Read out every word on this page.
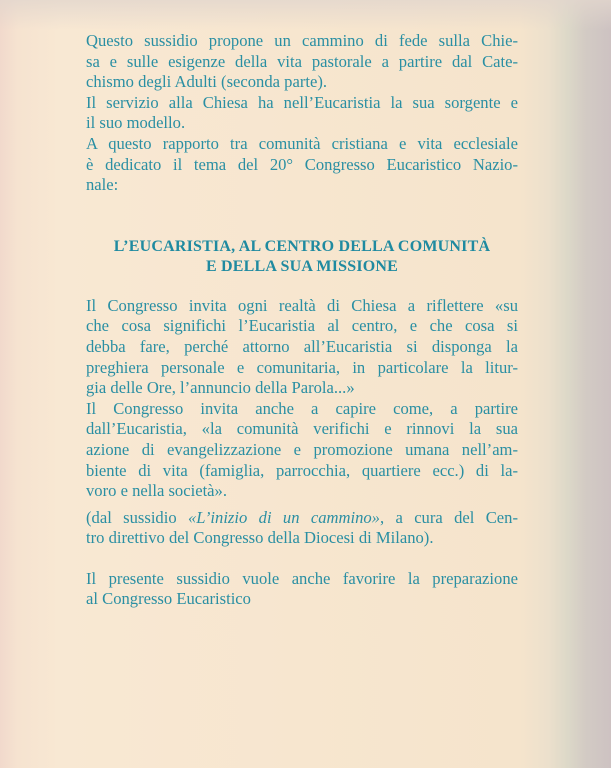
Questo sussidio propone un cammino di fede sulla Chie-
sa e sulle esigenze della vita pastorale a partire dal Cate-
chismo degli Adulti (seconda parte).
Il servizio alla Chiesa ha nell’Eucaristia la sua sorgente e
il suo modello.
A questo rapporto tra comunità cristiana e vita ecclesiale
è dedicato il tema del 20° Congresso Eucaristico Nazio-
nale:
L’EUCARISTIA, AL CENTRO DELLA COMUNITÀ
E DELLA SUA MISSIONE
Il Congresso invita ogni realtà di Chiesa a riflettere «su
che cosa significhi l’Eucaristia al centro, e che cosa si
debba fare, perché attorno all’Eucaristia si disponga la
preghiera personale e comunitaria, in particolare la litur-
gia delle Ore, l’annuncio della Parola...»
Il Congresso invita anche a capire come, a partire
dall’Eucaristia, «la comunità verifichi e rinnovi la sua
azione di evangelizzazione e promozione umana nell’am-
biente di vita (famiglia, parrocchia, quartiere ecc.) di la-
voro e nella società».
(dal sussidio «L’inizio di un cammino», a cura del Cen-
tro direttivo del Congresso della Diocesi di Milano).
Il presente sussidio vuole anche favorire la preparazione
al Congresso Eucaristico
